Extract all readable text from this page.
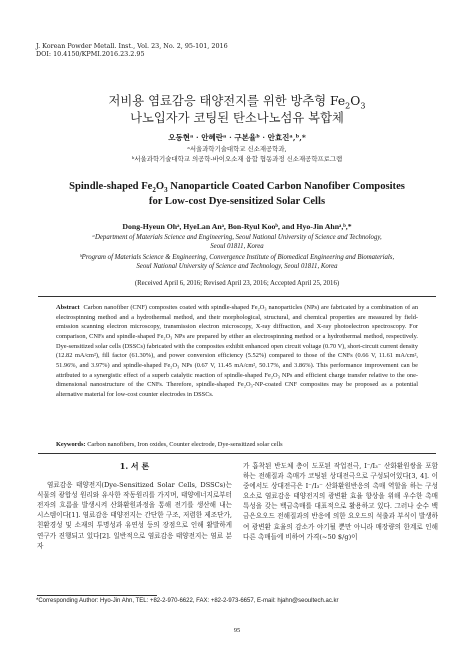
J. Korean Powder Metall. Inst., Vol. 23, No. 2, 95-101, 2016
DOI: 10.4150/KPMI.2016.23.2.95
저비용 염료감응 태양전지를 위한 방추형 $Fe_2O_3$
나노입자가 코팅된 탄소나노섬유 복합체
오동현ᵃ · 안혜란ᵃ · 구본율ᵇ · 안효진ᵃ,ᵇ,*
ᵃ서울과학기술대학교 신소재공학과,
ᵇ서울과학기술대학교 의공학-바이오소재 융합 협동과정 신소재공학프로그램
Spindle-shaped $Fe_2O_3$ Nanoparticle Coated Carbon Nanofiber Composites
for Low-cost Dye-sensitized Solar Cells
Dong-Hyeun Ohᵃ, HyeLan Anᵃ, Bon-Ryul Kooᵇ, and Hyo-Jin Ahnᵃ,ᵇ,*
ᵃDepartment of Materials Science and Engineering, Seoul National University of Science and Technology,
Seoul 01811, Korea
ᵇProgram of Materials Science & Engineering, Convergence Institute of Biomedical Engineering and Biomaterials,
Seoul National University of Science and Technology, Seoul 01811, Korea
(Received April 6, 2016; Revised April 23, 2016; Accepted April 25, 2016)
Abstract Carbon nanofiber (CNF) composites coated with spindle-shaped Fe₂O₃ nanoparticles (NPs) are fabricated by a combination of an electrospinning method and a hydrothermal method, and their morphological, structural, and chemical properties are measured by field-emission scanning electron microscopy, transmission electron microscopy, X-ray diffraction, and X-ray photoelectron spectroscopy. For comparison, CNFs and spindle-shaped Fe₂O₃ NPs are prepared by either an electrospinning method or a hydrothermal method, respectively. Dye-sensitized solar cells (DSSCs) fabricated with the composites exhibit enhanced open circuit voltage (0.70 V), short-circuit current density (12.82 mA/cm²), fill factor (61.30%), and power conversion efficiency (5.52%) compared to those of the CNFs (0.66 V, 11.61 mA/cm², 51.96%, and 3.97%) and spindle-shaped Fe₂O₃ NPs (0.67 V, 11.45 mA/cm², 50.17%, and 3.86%). This performance improvement can be attributed to a synergistic effect of a superb catalytic reaction of spindle-shaped Fe₂O₃ NPs and efficient charge transfer relative to the one-dimensional nanostructure of the CNFs. Therefore, spindle-shaped Fe₂O₃-NP-coated CNF composites may be proposed as a potential alternative material for low-cost counter electrodes in DSSCs.
Keywords: Carbon nanofibers, Iron oxides, Counter electrode, Dye-sensitized solar cells
1. 서 론
염료감응 태양전지(Dye-Sensitized Solar Cells, DSSCs)는 식물의 광합성 원리와 유사한 작동원리를 가지며, 태양에너지로부터 전자의 흐름을 발생시켜 산화환원과정을 통해 전기를 생산해 내는 시스템이다[1]. 염료감응 태양전지는 간단한 구조, 저렴한 제조단가, 친환경성 및 소재의 투명성과 유연성 등의 장점으로 인해 활발하게 연구가 진행되고 있다[2]. 일반적으로 염료감응 태양전지는 염료 분자
가 흡착된 반도체 층이 도포된 작업전극, I⁻/I₃⁻ 산화환원쌍을 포함하는 전해질과 촉매가 코팅된 상대전극으로 구성되어있다[3, 4]. 이 중에서도 상대전극은 I⁻/I₃⁻ 산화환원반응의 촉매 역할을 하는 구성요소로 염료감응 태양전지의 광변환 효율 향상을 위해 우수한 촉매특성을 갖는 백금촉매를 대표적으로 활용하고 있다. 그러나 순수 백금은요오드 전해질과의 반응에 의한 요오드의 석출과 부식이 발생하여 광변환 효율의 감소가 야기될 뿐만 아니라 매장량의 한계로 인해 다른 촉매들에 비하여 가격(~50 $/g)이
*Corresponding Author: Hyo-Jin Ahn, TEL: +82-2-970-6622, FAX: +82-2-973-6657, E-mail: hjahn@seoultech.ac.kr
95
